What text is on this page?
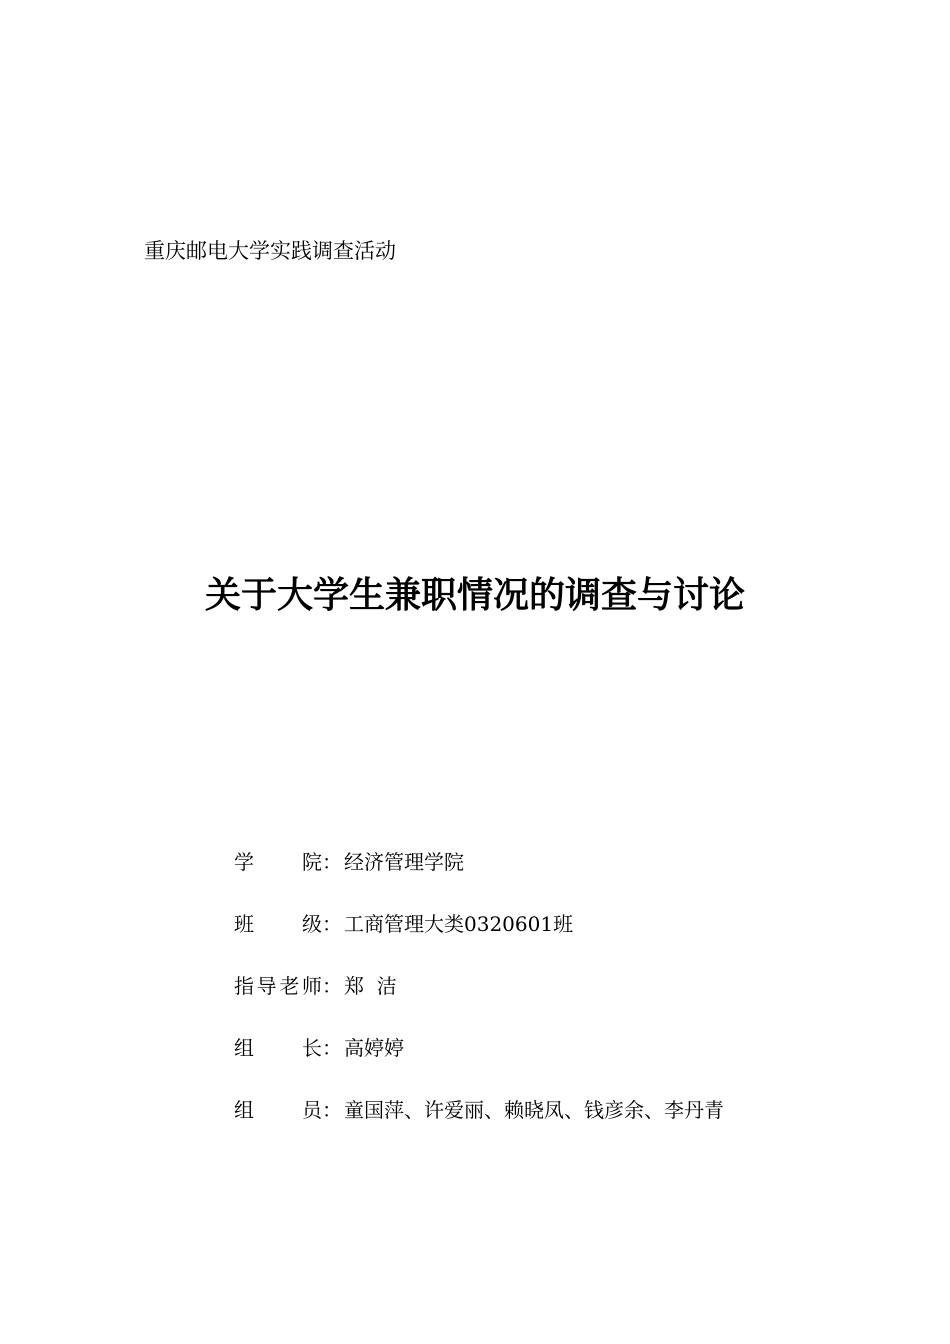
重庆邮电大学实践调查活动
关于大学生兼职情况的调查与讨论
学 院 ： 经济管理学院
班 级 ： 工商管理大类0320601班
指 导 老 师 ： 郑  洁
组 长 ： 高婷婷
组 员 ： 童国萍、许爱丽、赖晓凤、钱彦余、李丹青
